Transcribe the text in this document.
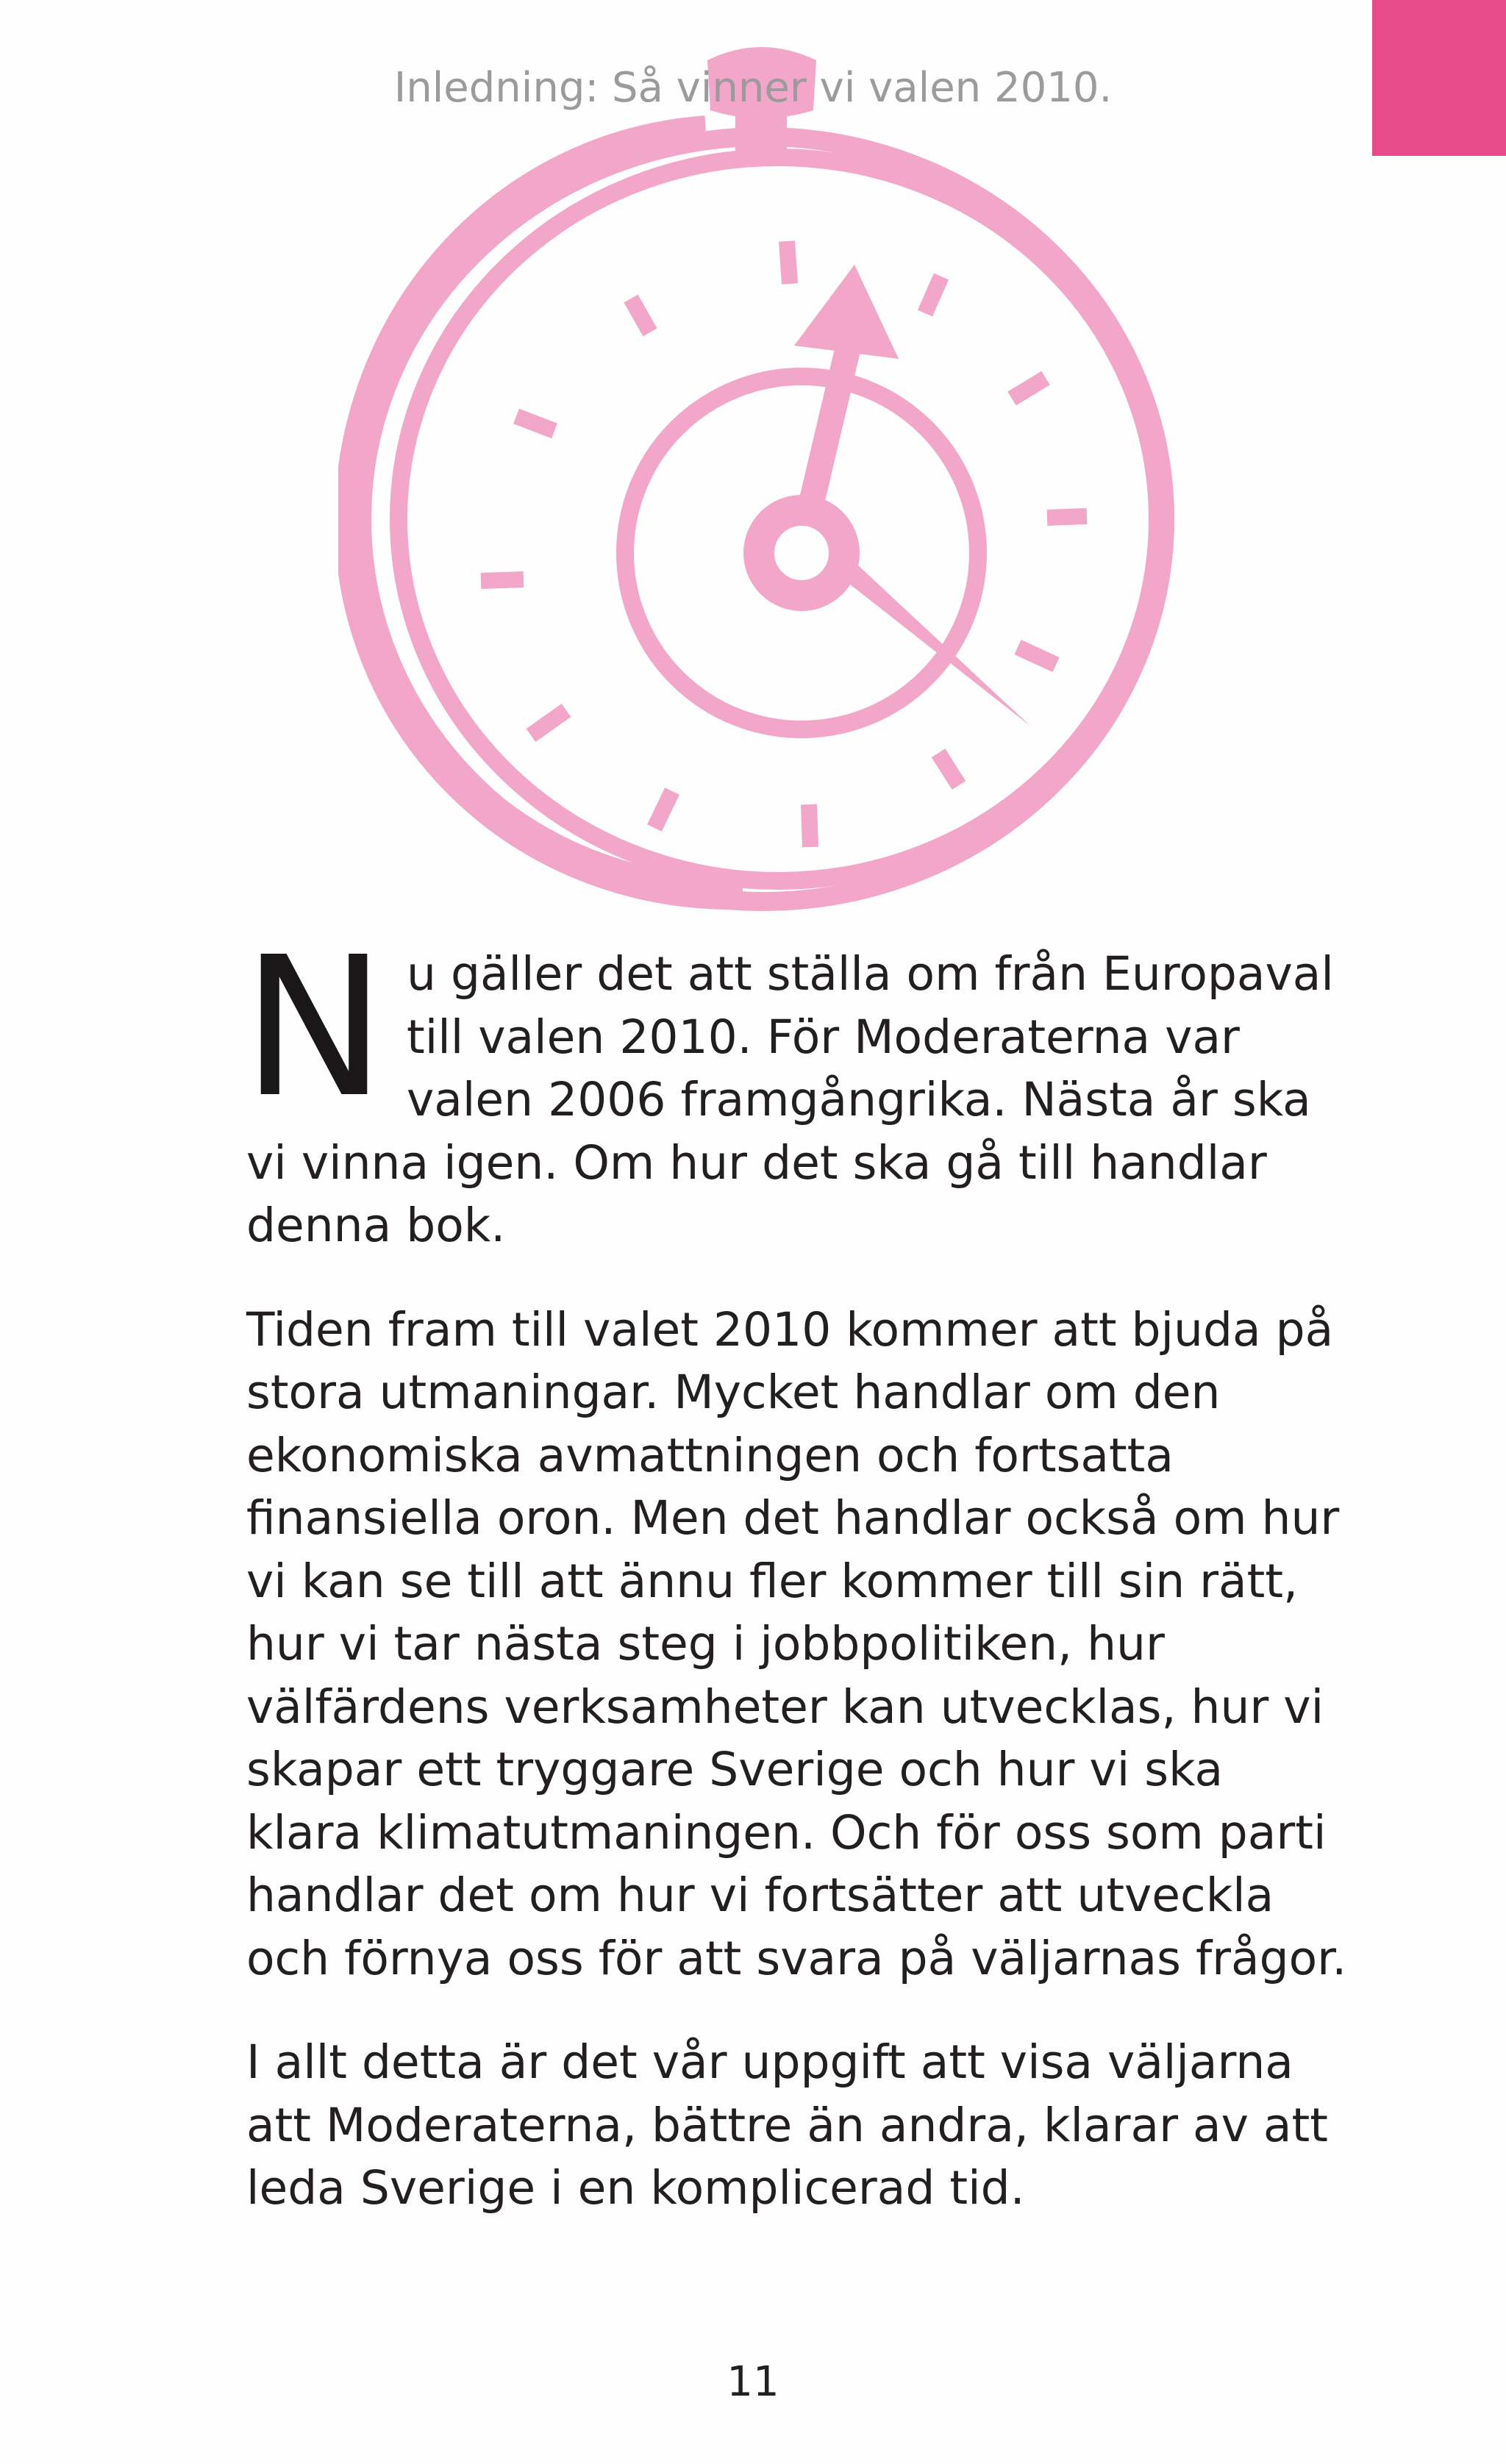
Inledning: Så vinner vi valen 2010.

Nu gäller det att ställa om från Europaval till valen 2010. För Moderaterna var valen 2006 framgångrika. Nästa år ska vi vinna igen. Om hur det ska gå till handlar denna bok.

Tiden fram till valet 2010 kommer att bjuda på stora utmaningar. Mycket handlar om den ekonomiska avmattningen och fortsatta finansiella oron. Men det handlar också om hur vi kan se till att ännu fler kommer till sin rätt, hur vi tar nästa steg i jobbpolitiken, hur välfärdens verksamheter kan utvecklas, hur vi skapar ett tryggare Sverige och hur vi ska klara klimatutmaningen. Och för oss som parti handlar det om hur vi fortsätter att utveckla och förnya oss för att svara på väljarnas frågor.

I allt detta är det vår uppgift att visa väljarna att Moderaterna, bättre än andra, klarar av att leda Sverige i en komplicerad tid.

11
